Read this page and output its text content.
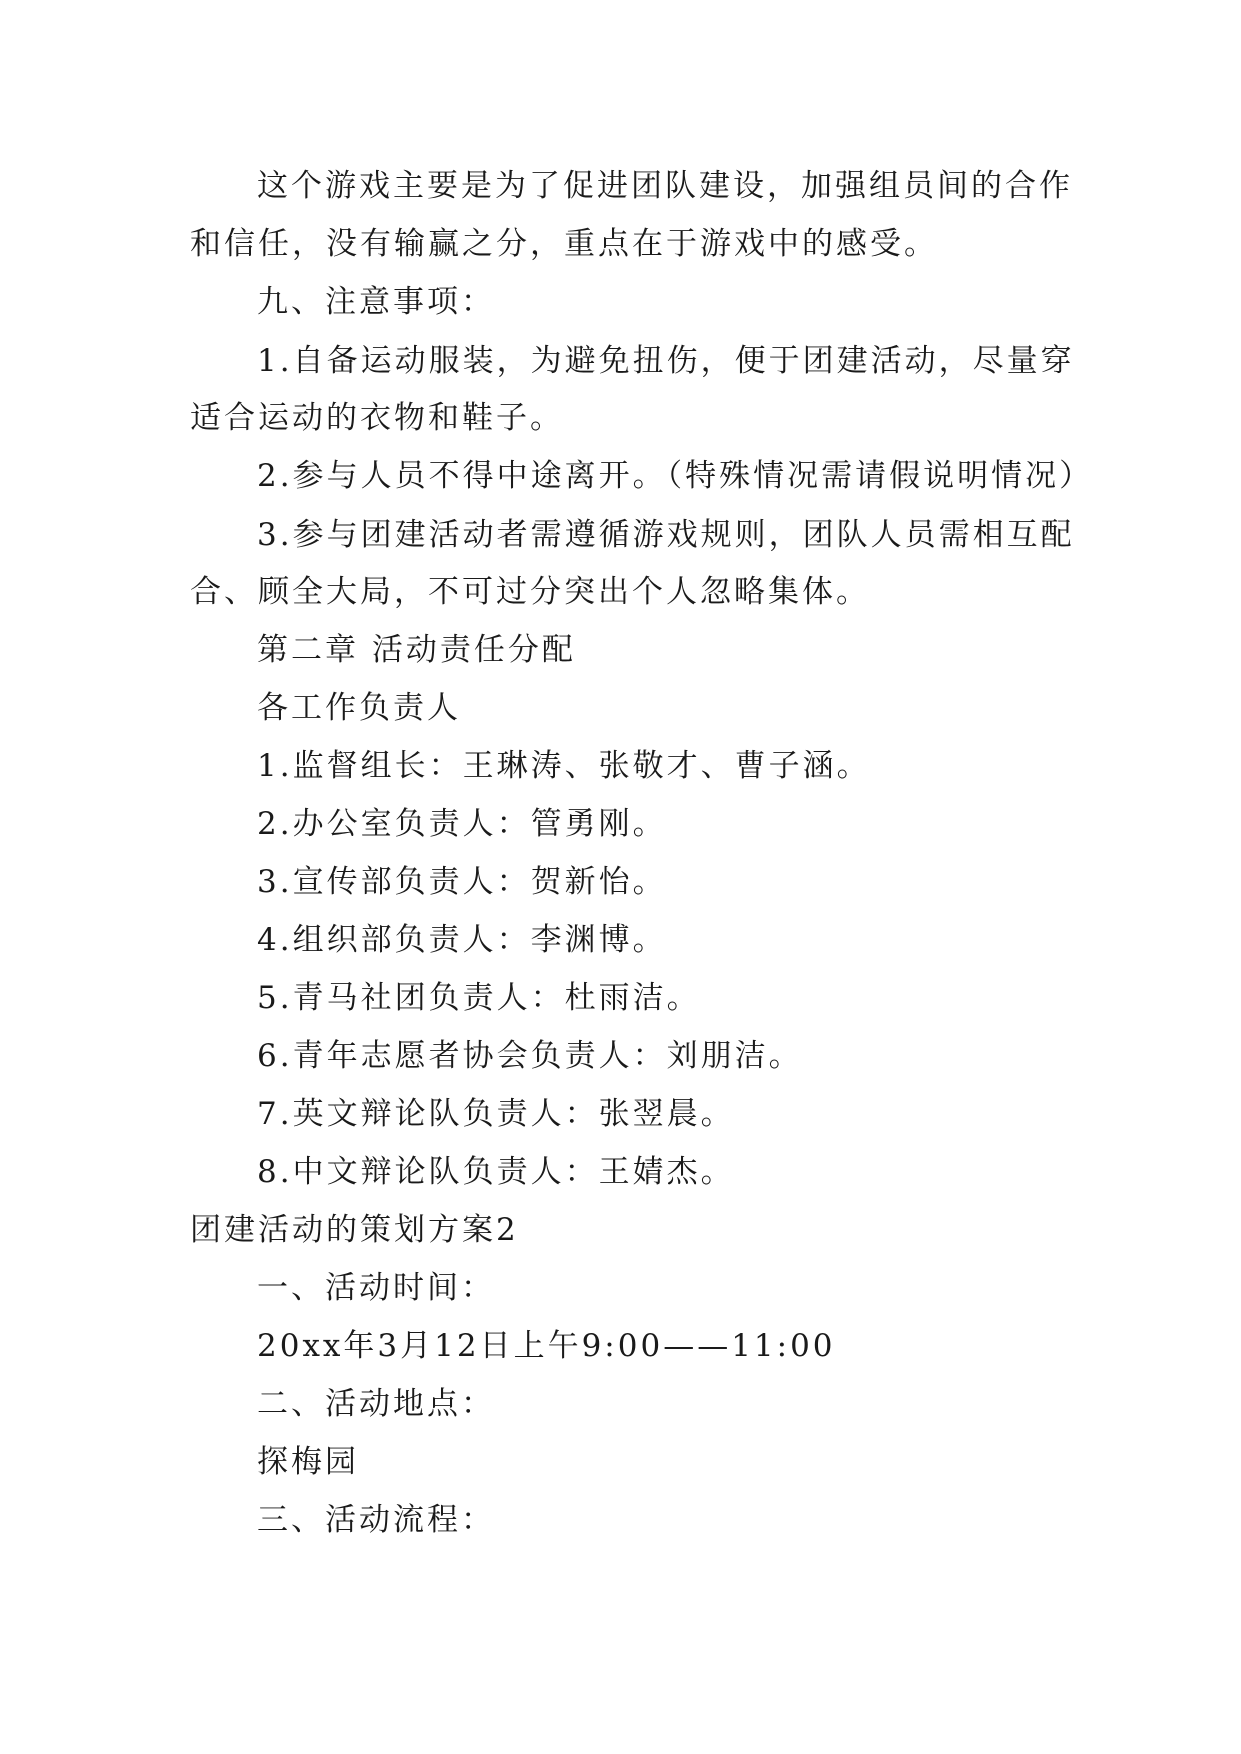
这个游戏主要是为了促进团队建设，加强组员间的合作
和信任，没有输赢之分，重点在于游戏中的感受。
九、注意事项：
1.自备运动服装，为避免扭伤，便于团建活动，尽量穿
适合运动的衣物和鞋子。
2.参与人员不得中途离开。（特殊情况需请假说明情况）
3.参与团建活动者需遵循游戏规则，团队人员需相互配
合、顾全大局，不可过分突出个人忽略集体。
第二章 活动责任分配
各工作负责人
1.监督组长：王琳涛、张敬才、曹子涵。
2.办公室负责人：管勇刚。
3.宣传部负责人：贺新怡。
4.组织部负责人：李渊博。
5.青马社团负责人：杜雨洁。
6.青年志愿者协会负责人：刘朋洁。
7.英文辩论队负责人：张翌晨。
8.中文辩论队负责人：王婧杰。
团建活动的策划方案2
一、活动时间：
20xx年3月12日上午9:00——11:00
二、活动地点：
探梅园
三、活动流程：
